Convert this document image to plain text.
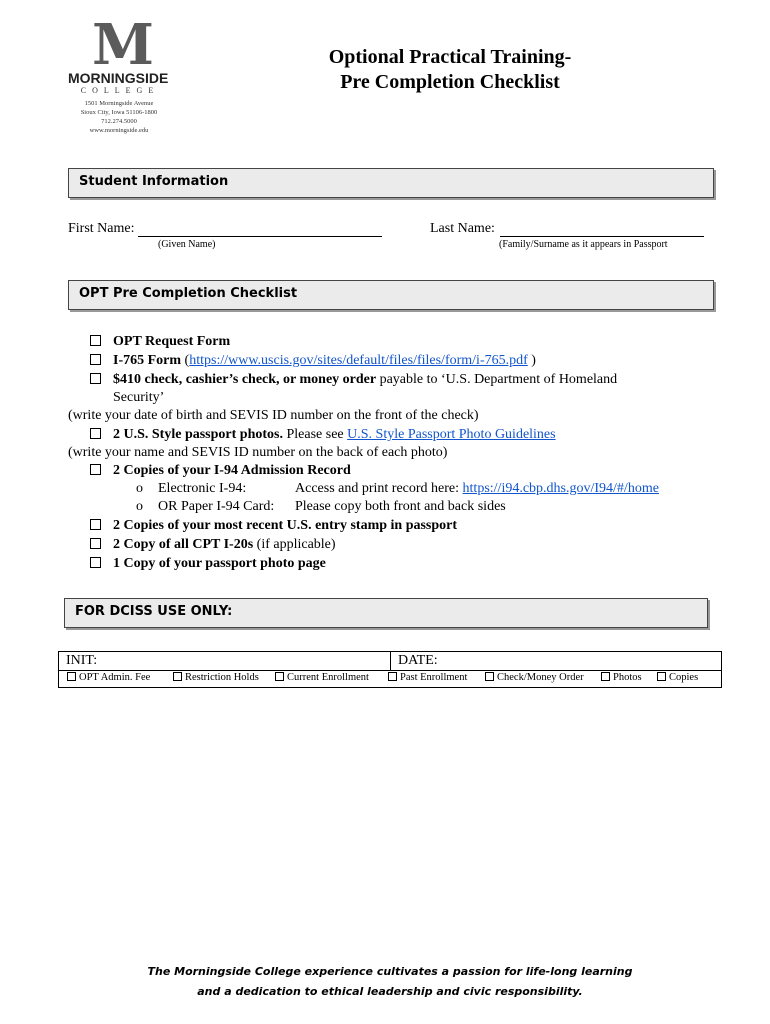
M
MORNINGSIDE
COLLEGE
1501 Morningside Avenue
Sioux City, Iowa 51106-1800
712.274.5000
www.morningside.edu
Optional Practical Training-
Pre Completion Checklist
Student Information
First Name:
(Given Name)
Last Name:
(Family/Surname as it appears in Passport
OPT Pre Completion Checklist
OPT Request Form
I-765 Form (https://www.uscis.gov/sites/default/files/files/form/i-765.pdf )
$410 check, cashier’s check, or money order payable to ‘U.S. Department of Homeland
Security’
(write your date of birth and SEVIS ID number on the front of the check)
2 U.S. Style passport photos. Please see U.S. Style Passport Photo Guidelines
(write your name and SEVIS ID number on the back of each photo)
2 Copies of your I-94 Admission Record
o Electronic I-94:	Access and print record here: https://i94.cbp.dhs.gov/I94/#/home
o OR Paper I-94 Card: Please copy both front and back sides
2 Copies of your most recent U.S. entry stamp in passport
2 Copy of all CPT I-20s (if applicable)
1 Copy of your passport photo page
FOR DCISS USE ONLY:
INIT:	DATE:
OPT Admin. Fee	Restriction Holds	Current Enrollment	Past Enrollment	Check/Money Order	Photos	Copies
The Morningside College experience cultivates a passion for life-long learning
and a dedication to ethical leadership and civic responsibility.
